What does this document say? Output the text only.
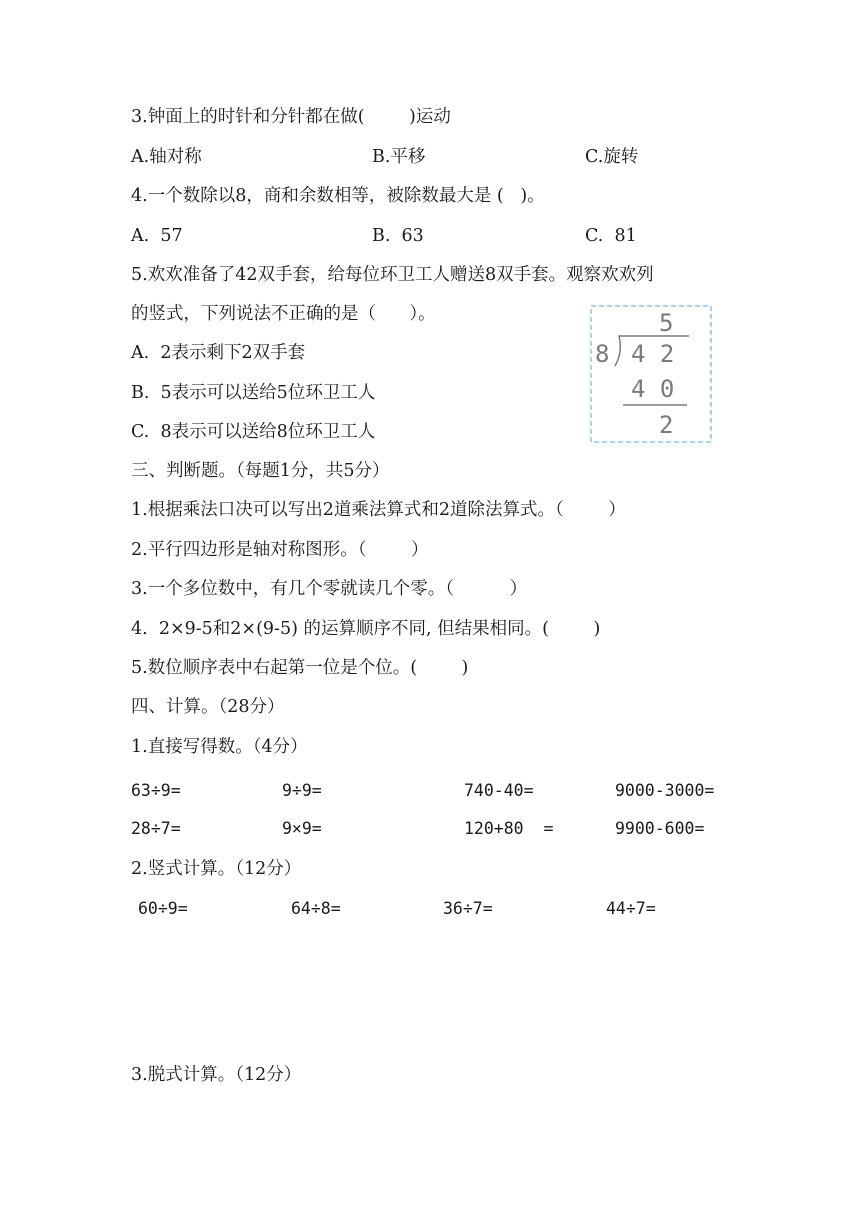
3.钟面上的时针和分针都在做(        )运动
A.轴对称	B.平移	C.旋转
4.一个数除以8，商和余数相等，被除数最大是 (   )。
A.  57	B.  63	C.  81
5.欢欢准备了42双手套，给每位环卫工人赠送8双手套。观察欢欢列
的竖式，下列说法不正确的是（      ）。
A.  2表示剩下2双手套
B.  5表示可以送给5位环卫工人
C.  8表示可以送给8位环卫工人
5
8 4 2
4 0
2
三、判断题。（每题1分，共5分）
1.根据乘法口决可以写出2道乘法算式和2道除法算式。（        ）
2.平行四边形是轴对称图形。（        ）
3.一个多位数中，有几个零就读几个零。（          ）
4.  2×9-5和2×(9-5) 的运算顺序不同, 但结果相同。(        )
5.数位顺序表中右起第一位是个位。(        )
四、计算。（28分）
1.直接写得数。（4分）
63÷9=	9÷9=	740-40=	9000-3000=
28÷7=	9×9=	120+80  =	9900-600=
2.竖式计算。（12分）
60÷9=	64÷8=	36÷7=	44÷7=
3.脱式计算。（12分）
